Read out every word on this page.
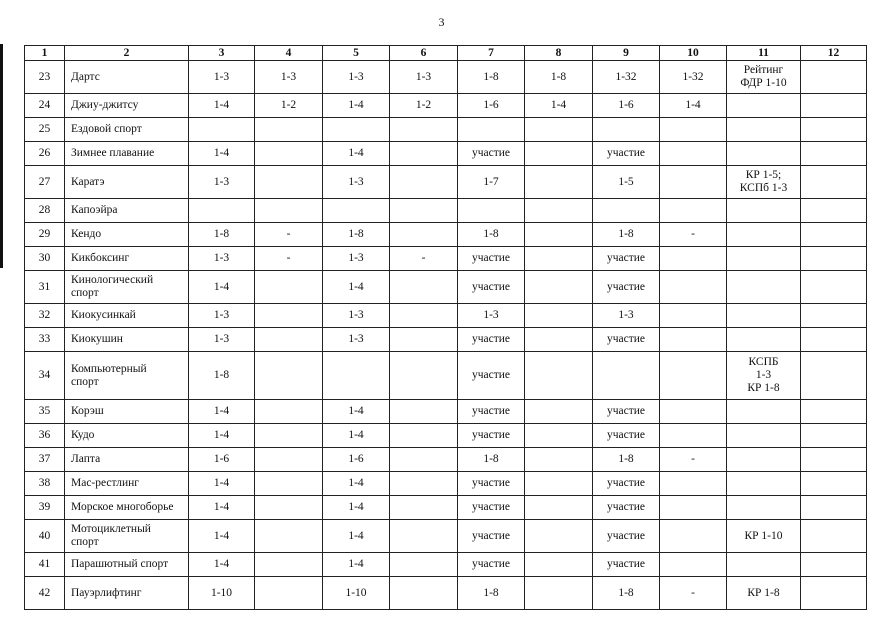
3
1	2	3	4	5	6	7	8	9	10	11	12
23	Дартс	1-3	1-3	1-3	1-3	1-8	1-8	1-32	1-32	Рейтинг
ФДР 1-10	
24	Джиу-джитсу	1-4	1-2	1-4	1-2	1-6	1-4	1-6	1-4		
25	Ездовой спорт										
26	Зимнее плавание	1-4		1-4		участие		участие			
27	Каратэ	1-3		1-3		1-7		1-5		КР 1-5;
КСПб 1-3	
28	Капоэйра										
29	Кендо	1-8	-	1-8		1-8		1-8	-		
30	Кикбоксинг	1-3	-	1-3	-	участие		участие			
31	Кинологический
спорт	1-4		1-4		участие		участие			
32	Киокусинкай	1-3		1-3		1-3		1-3			
33	Киокушин	1-3		1-3		участие		участие			
34	Компьютерный
спорт	1-8				участие				КСПБ
1-3
КР 1-8	
35	Корэш	1-4		1-4		участие		участие			
36	Кудо	1-4		1-4		участие		участие			
37	Лапта	1-6		1-6		1-8		1-8	-		
38	Мас-рестлинг	1-4		1-4		участие		участие			
39	Морское многоборье	1-4		1-4		участие		участие			
40	Мотоциклетный
спорт	1-4		1-4		участие		участие		КР 1-10	
41	Парашютный спорт	1-4		1-4		участие		участие			
42	Пауэрлифтинг	1-10		1-10		1-8		1-8	-	КР 1-8	
